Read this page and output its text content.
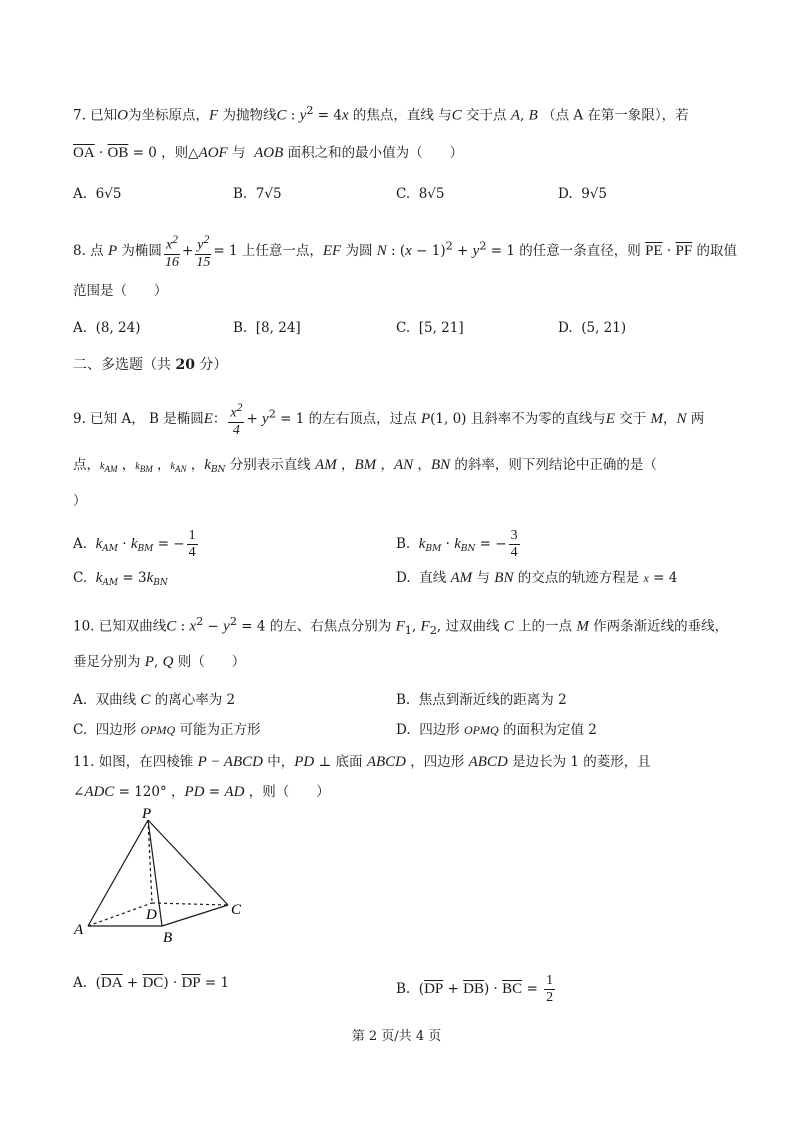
7. 已知O为坐标原点，F 为抛物线C : $y^2 = 4x$ 的焦点，直线 与C 交于点 A, B （点 A 在第一象限），若
$\overline{OA} \cdot \overline{OB} = 0$ ，则△AOF 与  AOB 面积之和的最小值为（　　）
A.  6√5	B.  7√5	C.  8√5	D.  9√5
8. 点 P 为椭圆 $\frac{x^2}{16} + \frac{y^2}{15} = 1$ 上任意一点，EF 为圆 N : $(x - 1)^2 + y^2 = 1$ 的任意一条直径，则 $\overline{PE} \cdot \overline{PF}$ 的取值
范围是（　　）
A.  (8, 24)	B.  [8, 24]	C.  [5, 21]	D.  (5, 21)
二、多选题（共 20 分）
9. 已知 A， B 是椭圆E： $\frac{x^2}{4} + y^2 = 1$ 的左右顶点，过点 P(1, 0) 且斜率不为零的直线与E 交于 M，N 两
点，kAM ，kBM ，kAN ，$k_{BN}$ 分别表示直线 AM ，BM ，AN ，BN 的斜率，则下列结论中正确的是（
）
A.  $k_{AM} \cdot k_{BM}$ = − $\frac{1}{4}$	B.  $k_{BM} \cdot k_{BN}$ = − $\frac{3}{4}$
C.  $k_{AM} = 3k_{BN}$	D.  直线 AM 与 BN 的交点的轨迹方程是 x = 4
10. 已知双曲线C : $x^2 - y^2 = 4$ 的左、右焦点分别为 $F_1$, $F_2$, 过双曲线 C 上的一点 M 作两条渐近线的垂线，
垂足分别为 P, Q 则（　　）
A.  双曲线 C 的离心率为 2	B.  焦点到渐近线的距离为 2
C.  四边形 OPMQ 可能为正方形	D.  四边形 OPMQ 的面积为定值 2
11. 如图，在四棱锥 P − ABCD 中，PD ⊥ 底面 ABCD ，四边形 ABCD 是边长为 1 的菱形，且
∠ADC = 120° ，PD = AD ，则（　　）
P
A	B
C
D
A.  $(\overline{DA} + \overline{DC}) \cdot \overline{DP} = 1$	B.  $(\overline{DP} + \overline{DB}) \cdot \overline{BC} = \frac{1}{2}$
第 2 页/共 4 页
